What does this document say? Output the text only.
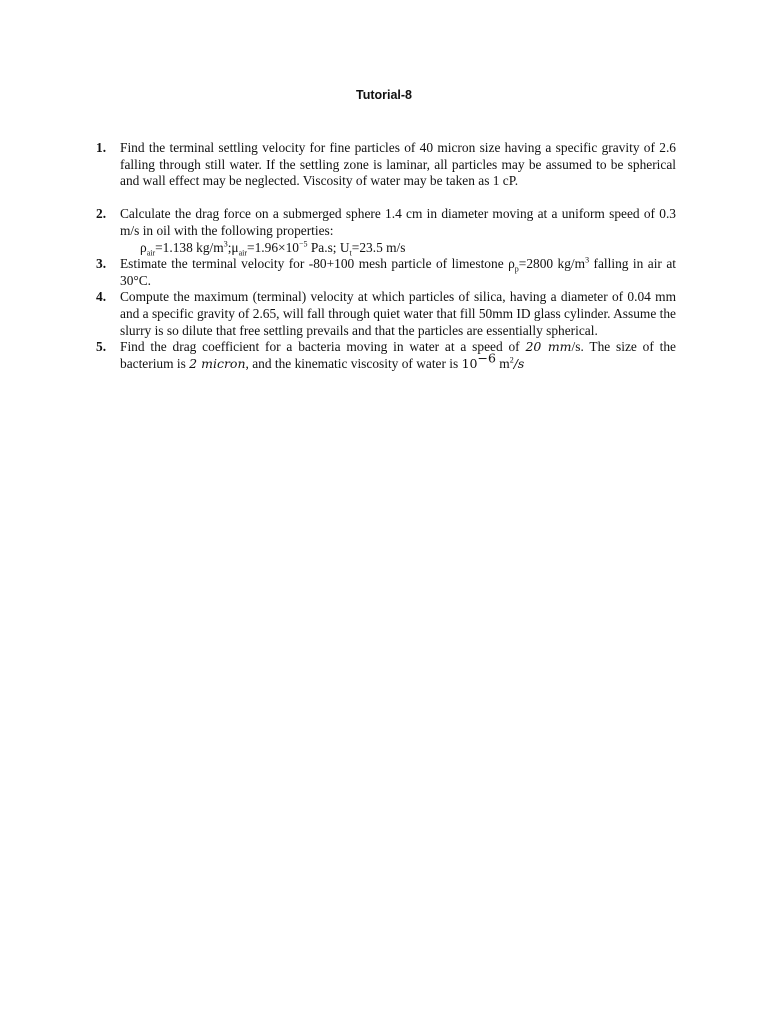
Tutorial-8
1.	Find the terminal settling velocity for fine particles of 40 micron size having a specific gravity of 2.6 falling through still water. If the settling zone is laminar, all particles may be assumed to be spherical and wall effect may be neglected. Viscosity of water may be taken as 1 cP.
2.	Calculate the drag force on a submerged sphere 1.4 cm in diameter moving at a uniform speed of 0.3 m/s in oil with the following properties:
$\rho_{air}=1.138$ $kg/m^3;\mu_{air}=1.96\times 10^{-5}$ Pa.s; $U_t=23.5$ m/s
3.	Estimate the terminal velocity for -80+100 mesh particle of limestone $\rho_p=2800$ $kg/m^3$ falling in air at 30°C.
4.	Compute the maximum (terminal) velocity at which particles of silica, having a diameter of 0.04 mm and a specific gravity of 2.65, will fall through quiet water that fill 50mm ID glass cylinder. Assume the slurry is so dilute that free settling prevails and that the particles are essentially spherical.
5.	Find the drag coefficient for a bacteria moving in water at a speed of 20 mm/s. The size of the bacterium is 2 micron, and the kinematic viscosity of water is $10^{-6}$ $m^2/s$
